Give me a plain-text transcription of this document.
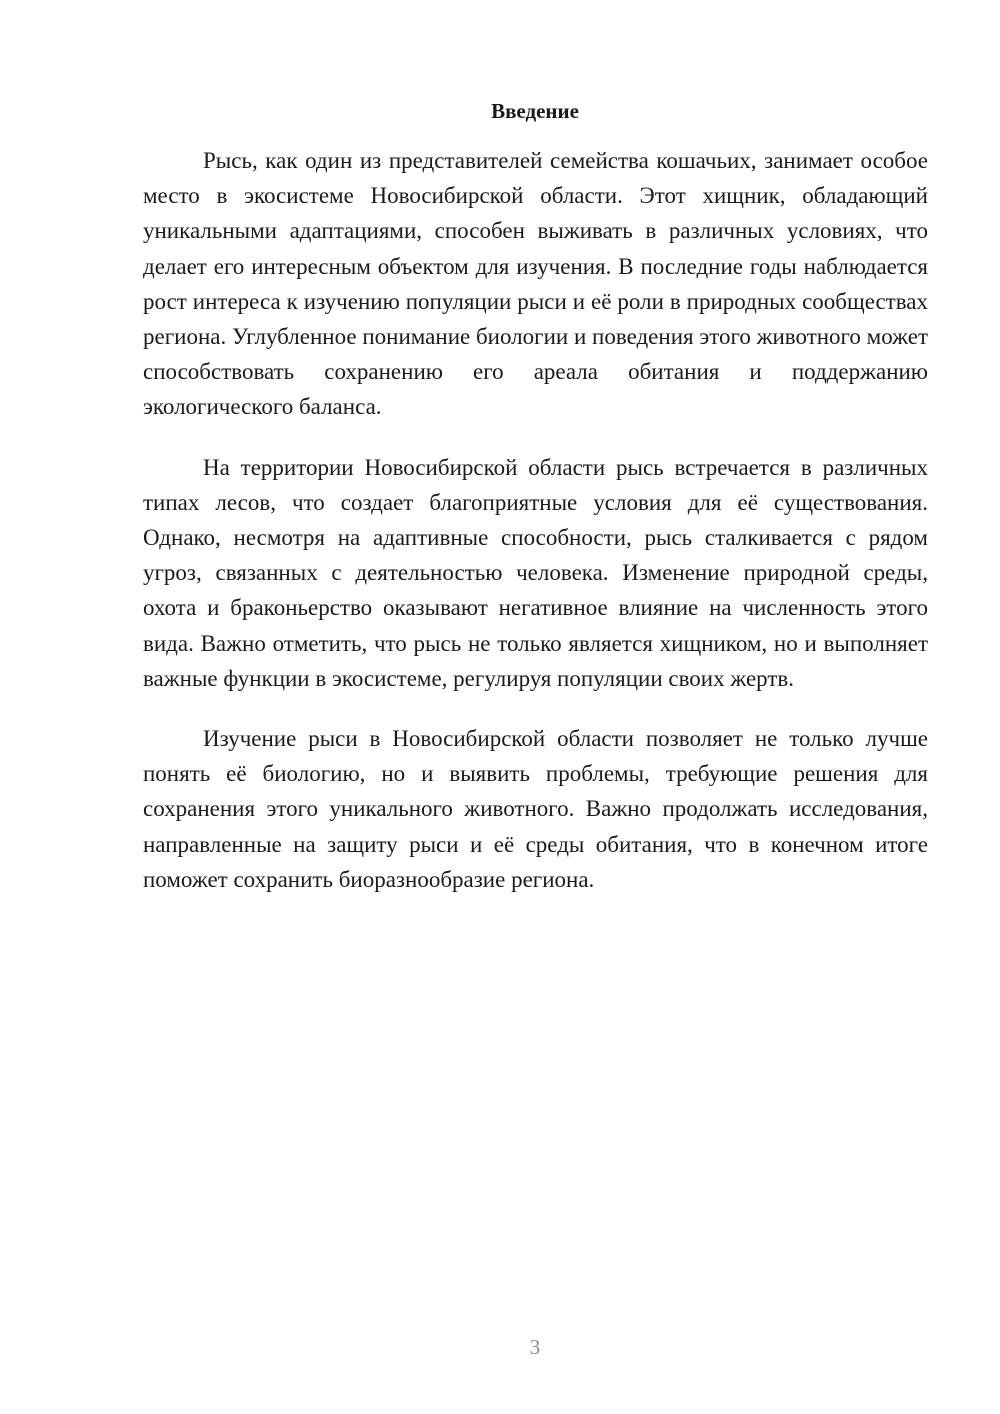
Введение

Рысь, как один из представителей семейства кошачьих, занимает особое место в экосистеме Новосибирской области. Этот хищник, обладающий уникальными адаптациями, способен выживать в различных условиях, что делает его интересным объектом для изучения. В последние годы наблюдается рост интереса к изучению популяции рыси и её роли в природных сообществах региона. Углубленное понимание биологии и поведения этого животного может способствовать сохранению его ареала обитания и поддержанию экологического баланса.

На территории Новосибирской области рысь встречается в различных типах лесов, что создает благоприятные условия для её существования. Однако, несмотря на адаптивные способности, рысь сталкивается с рядом угроз, связанных с деятельностью человека. Изменение природной среды, охота и браконьерство оказывают негативное влияние на численность этого вида. Важно отметить, что рысь не только является хищником, но и выполняет важные функции в экосистеме, регулируя популяции своих жертв.

Изучение рыси в Новосибирской области позволяет не только лучше понять её биологию, но и выявить проблемы, требующие решения для сохранения этого уникального животного. Важно продолжать исследования, направленные на защиту рыси и её среды обитания, что в конечном итоге поможет сохранить биоразнообразие региона.

3
